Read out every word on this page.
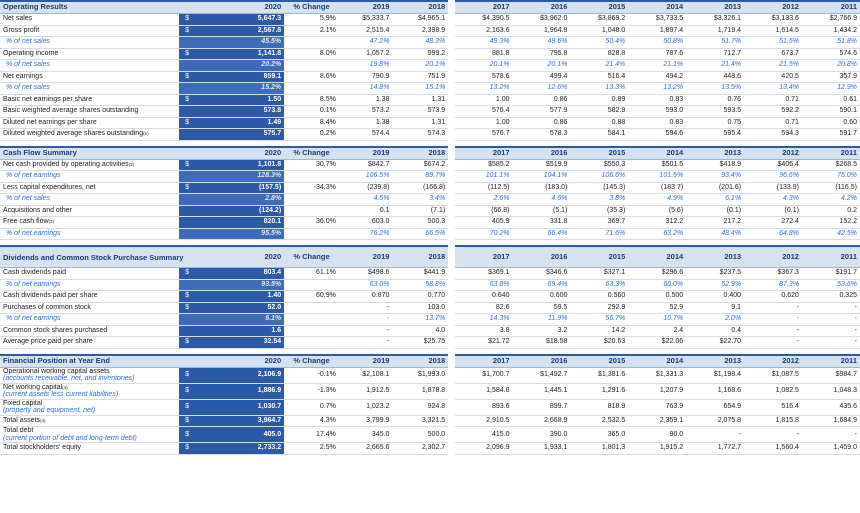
Operating Results		2020	% Change	2019	2018		2017	2016	2015	2014	2013	2012	2011
Net sales	$	5,647.3	5.9%	$5,333.7	$4,965.1		$4,390.5	$3,962.0	$3,869.2	$3,733.5	$3,326.1	$3,133.6	$2,766.9
Gross profit	$	2,567.8	2.1%	2,515.4	2,398.9		2,163.6	1,964.8	1,048.0	1,897.4	1,719.4	1,614.5	1,434.2
% of net sales		45.5%		47.2%	48.3%		49.3%	49.6%	50.4%	50.8%	51.7%	51.5%	51.8%
Operating income	$	1,141.8	8.0%	1,057.2	999.2		881.8	795.8	828.8	787.6	712.7	673.7	574.6
% of net sales		20.2%		19.8%	20.1%		20.1%	20.1%	21.4%	21.1%	21.4%	21.5%	20.8%
Net earnings	$	859.1	8.6%	790.9	751.9		578.6	499.4	516.4	494.2	448.6	420.5	357.9
% of net sales		15.2%		14.8%	15.1%		13.2%	12.6%	13.3%	13.2%	13.5%	13.4%	12.9%
Basic net earnings per share	$	1.50	8.5%	1.38	1.31		1.00	0.86	0.89	0.83	0.76	0.71	0.61
Basic weighted average shares outstanding		573.8	0.1%	573.2	573.9		576.4	577.9	582.9	593.0	593.5	592.2	590.1
Diluted net earnings per share	$	1.49	8.4%	1.38	1.31		1.00	0.86	0.88	0.83	0.75	0.71	0.60
Diluted weighted average shares outstanding$^{(1)}$		575.7	0.2%	574.4	574.3		576.7	578.3	584.1	594.6	595.4	594.3	591.7

Cash Flow Summary		2020	% Change	2019	2018		2017	2016	2015	2014	2013	2012	2011
Net cash provided by operating activities$^{(2)}$	$	1,101.8	30.7%	$842.7	$674.2		$585.2	$519.9	$550.3	$501.5	$418.9	$406.4	$268.5
% of net earnings		128.3%		106.5%	89.7%		101.1%	104.1%	106.6%	101.5%	93.4%	96.6%	75.0%
Less capital expenditures, net	$	(157.5)	-34.3%	(239.8)	(166.8)		(112.5)	(183.0)	(145.3)	(183.7)	(201.6)	(133.9)	(116.5)
% of net sales		2.8%		4.5%	3.4%		2.6%	4.6%	3.8%	4.9%	6.1%	4.3%	4.2%
Acquisitions and other		(124.2)		0.1	(7.1)		(66.8)	(5.1)	(35.3)	(5.6)	(0.1)	(0.1)	0.2
Free cash flow$^{(3)}$		820.1	36.0%	603.0	500.3		405.9	331.8	369.7	312.2	217.2	272.4	152.2
% of net earnings		95.5%		76.2%	66.5%		70.2%	66.4%	71.6%	63.2%	48.4%	64.8%	42.5%

Dividends and Common Stock Purchase Summary		2020	% Change	2019	2018		2017	2016	2015	2014	2013	2012	2011
Cash dividends paid	$	803.4	61.1%	$498.6	$441.9		$369.1	$346.6	$327.1	$296.6	$237.5	$367.3	$191.7
% of net earnings		93.5%		63.0%	58.8%		63.8%	69.4%	63.3%	60.0%	52.9%	87.3%	53.6%
Cash dividends paid per share	$	1.40	60.9%	0.870	0.770		0.640	0.600	0.560	0.500	0.400	0.620	0.325
Purchases of common stock	$	52.0		-	103.0		82.6	59.5	292.9	52.9	9.1	-	-
% of net earnings		6.1%		-	13.7%		14.3%	11.9%	56.7%	10.7%	2.0%	-	-
Common stock shares purchased		1.6		-	4.0		3.8	3.2	14.2	2.4	0.4	-	-
Average price paid per share	$	32.54		-	$25.75		$21.72	$18.58	$20.63	$22.06	$22.70	-	-

Financial Position at Year End		2020	% Change	2019	2018		2017	2016	2015	2014	2013	2012	2011
Operational working capital assets
(accounts receivable, net, and inventories)	$	2,106.9	-0.1%	$2,108.1	$1,993.0		$1,700.7	$1,492.7	$1,381.6	$1,331.3	$1,198.4	$1,087.5	$984.7
Net working capital$^{(4)}$
(current assets less current liabilities)	$	1,886.9	-1.3%	1,912.5	1,878.8		1,584.8	1,445.1	1,291.6	1,207.9	1,168.6	1,082.5	1,048.3
Fixed capital
(property and equipment, net)	$	1,030.7	0.7%	1,023.2	924.8		893.6	899.7	818.9	763.9	654.9	516.4	435.6
Total assets$^{(4)}$	$	3,964.7	4.3%	3,799.9	3,321.5		2,910.5	2,668.9	2,532.5	2,359.1	2,075.8	1,815.8	1,684.9
Total debt
(current portion of debt and long-term debt)	$	405.0	17.4%	345.0	500.0		415.0	390.0	365.0	90.0	-	-	-
Total stockholders' equity	$	2,733.2	2.5%	2,665.6	2,302.7		2,096.9	1,933.1	1,801.3	1,915.2	1,772.7	1,560.4	1,459.0
